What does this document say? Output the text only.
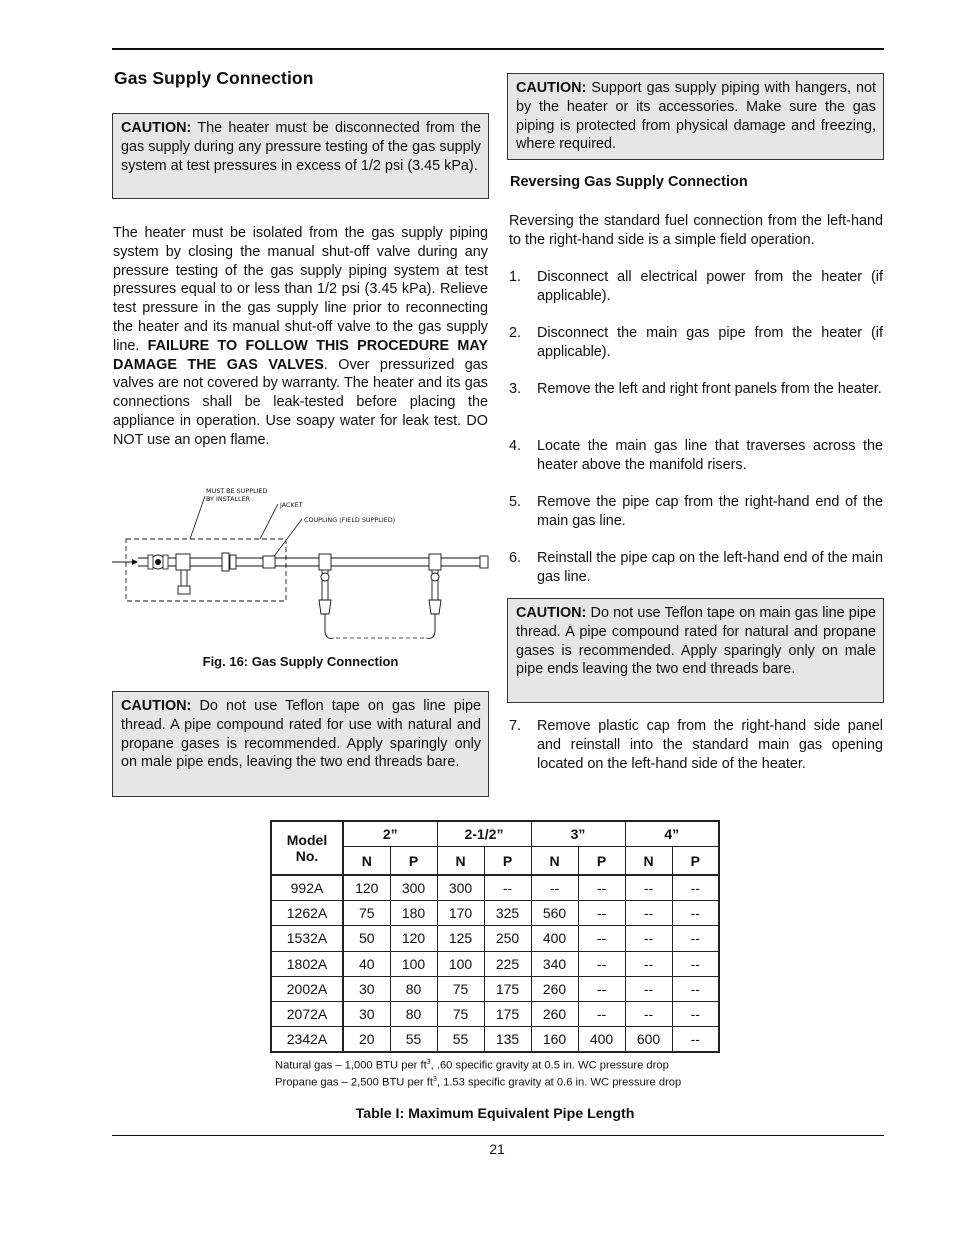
Gas Supply Connection
CAUTION: The heater must be disconnected from the gas supply during any pressure testing of the gas supply system at test pressures in excess of 1/2 psi (3.45 kPa).

The heater must be isolated from the gas supply piping system by closing the manual shut-off valve during any pressure testing of the gas supply piping system at test pressures equal to or less than 1/2 psi (3.45 kPa). Relieve test pressure in the gas supply line prior to reconnecting the heater and its manual shut-off valve to the gas supply line. FAILURE TO FOLLOW THIS PROCEDURE MAY DAMAGE THE GAS VALVES. Over pressurized gas valves are not covered by warranty. The heater and its gas connections shall be leak-tested before placing the appliance in operation. Use soapy water for leak test. DO NOT use an open flame.

MUST BE SUPPLIED
BY INSTALLER
JACKET
COUPLING (FIELD SUPPLIED)
Fig. 16: Gas Supply Connection
CAUTION: Do not use Teflon tape on gas line pipe thread. A pipe compound rated for use with natural and propane gases is recommended. Apply sparingly only on male pipe ends, leaving the two end threads bare.
CAUTION: Support gas supply piping with hangers, not by the heater or its accessories. Make sure the gas piping is protected from physical damage and freezing, where required.
Reversing Gas Supply Connection

Reversing the standard fuel connection from the left-hand to the right-hand side is a simple field operation.

1. Disconnect all electrical power from the heater (if applicable).
2. Disconnect the main gas pipe from the heater (if applicable).
3. Remove the left and right front panels from the heater.
4. Locate the main gas line that traverses across the heater above the manifold risers.
5. Remove the pipe cap from the right-hand end of the main gas line.
6. Reinstall the pipe cap on the left-hand end of the main gas line.
CAUTION: Do not use Teflon tape on main gas line pipe thread. A pipe compound rated for natural and propane gases is recommended. Apply sparingly only on male pipe ends leaving the two end threads bare.
7. Remove plastic cap from the right-hand side panel and reinstall into the standard main gas opening located on the left-hand side of the heater.
Model
No.	2”		2-1/2”		3”		4”	
	N	P	N	P	N	P	N	P
992A	120	300	300	--	--	--	--	--
1262A	75	180	170	325	560	--	--	--
1532A	50	120	125	250	400	--	--	--
1802A	40	100	100	225	340	--	--	--
2002A	30	80	75	175	260	--	--	--
2072A	30	80	75	175	260	--	--	--
2342A	20	55	55	135	160	400	600	--
Natural gas – 1,000 BTU per $ft^3$, .60 specific gravity at 0.5 in. WC pressure drop
Propane gas – 2,500 BTU per $ft^3$, 1.53 specific gravity at 0.6 in. WC pressure drop
Table I: Maximum Equivalent Pipe Length
21
